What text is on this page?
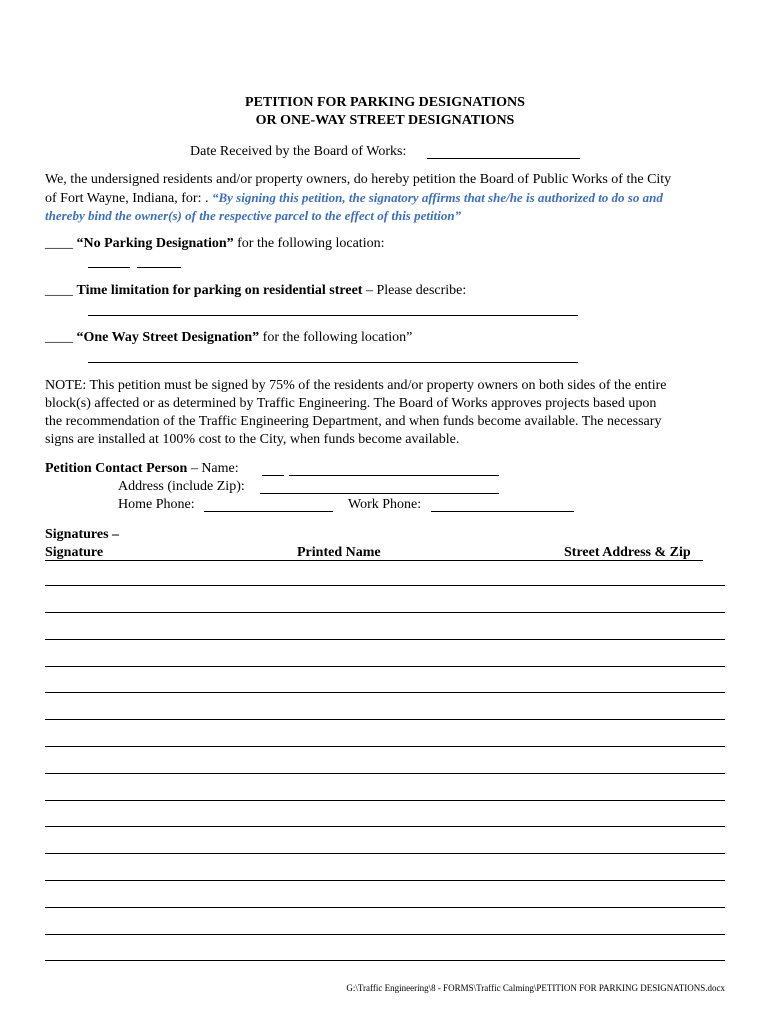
PETITION FOR PARKING DESIGNATIONS
OR ONE-WAY STREET DESIGNATIONS
Date Received by the Board of Works:
We, the undersigned residents and/or property owners, do hereby petition the Board of Public Works of the City
of Fort Wayne, Indiana, for: . “By signing this petition, the signatory affirms that she/he is authorized to do so and
thereby bind the owner(s) of the respective parcel to the effect of this petition”
____ “No Parking Designation” for the following location:
____ Time limitation for parking on residential street – Please describe:
____ “One Way Street Designation” for the following location”
NOTE: This petition must be signed by 75% of the residents and/or property owners on both sides of the entire
block(s) affected or as determined by Traffic Engineering. The Board of Works approves projects based upon
the recommendation of the Traffic Engineering Department, and when funds become available. The necessary
signs are installed at 100% cost to the City, when funds become available.
Petition Contact Person – Name:
Address (include Zip):
Home Phone:	Work Phone:
Signatures –
Signature	Printed Name	Street Address & Zip
G:\Traffic Engineering\8 - FORMS\Traffic Calming\PETITION FOR PARKING DESIGNATIONS.docx
